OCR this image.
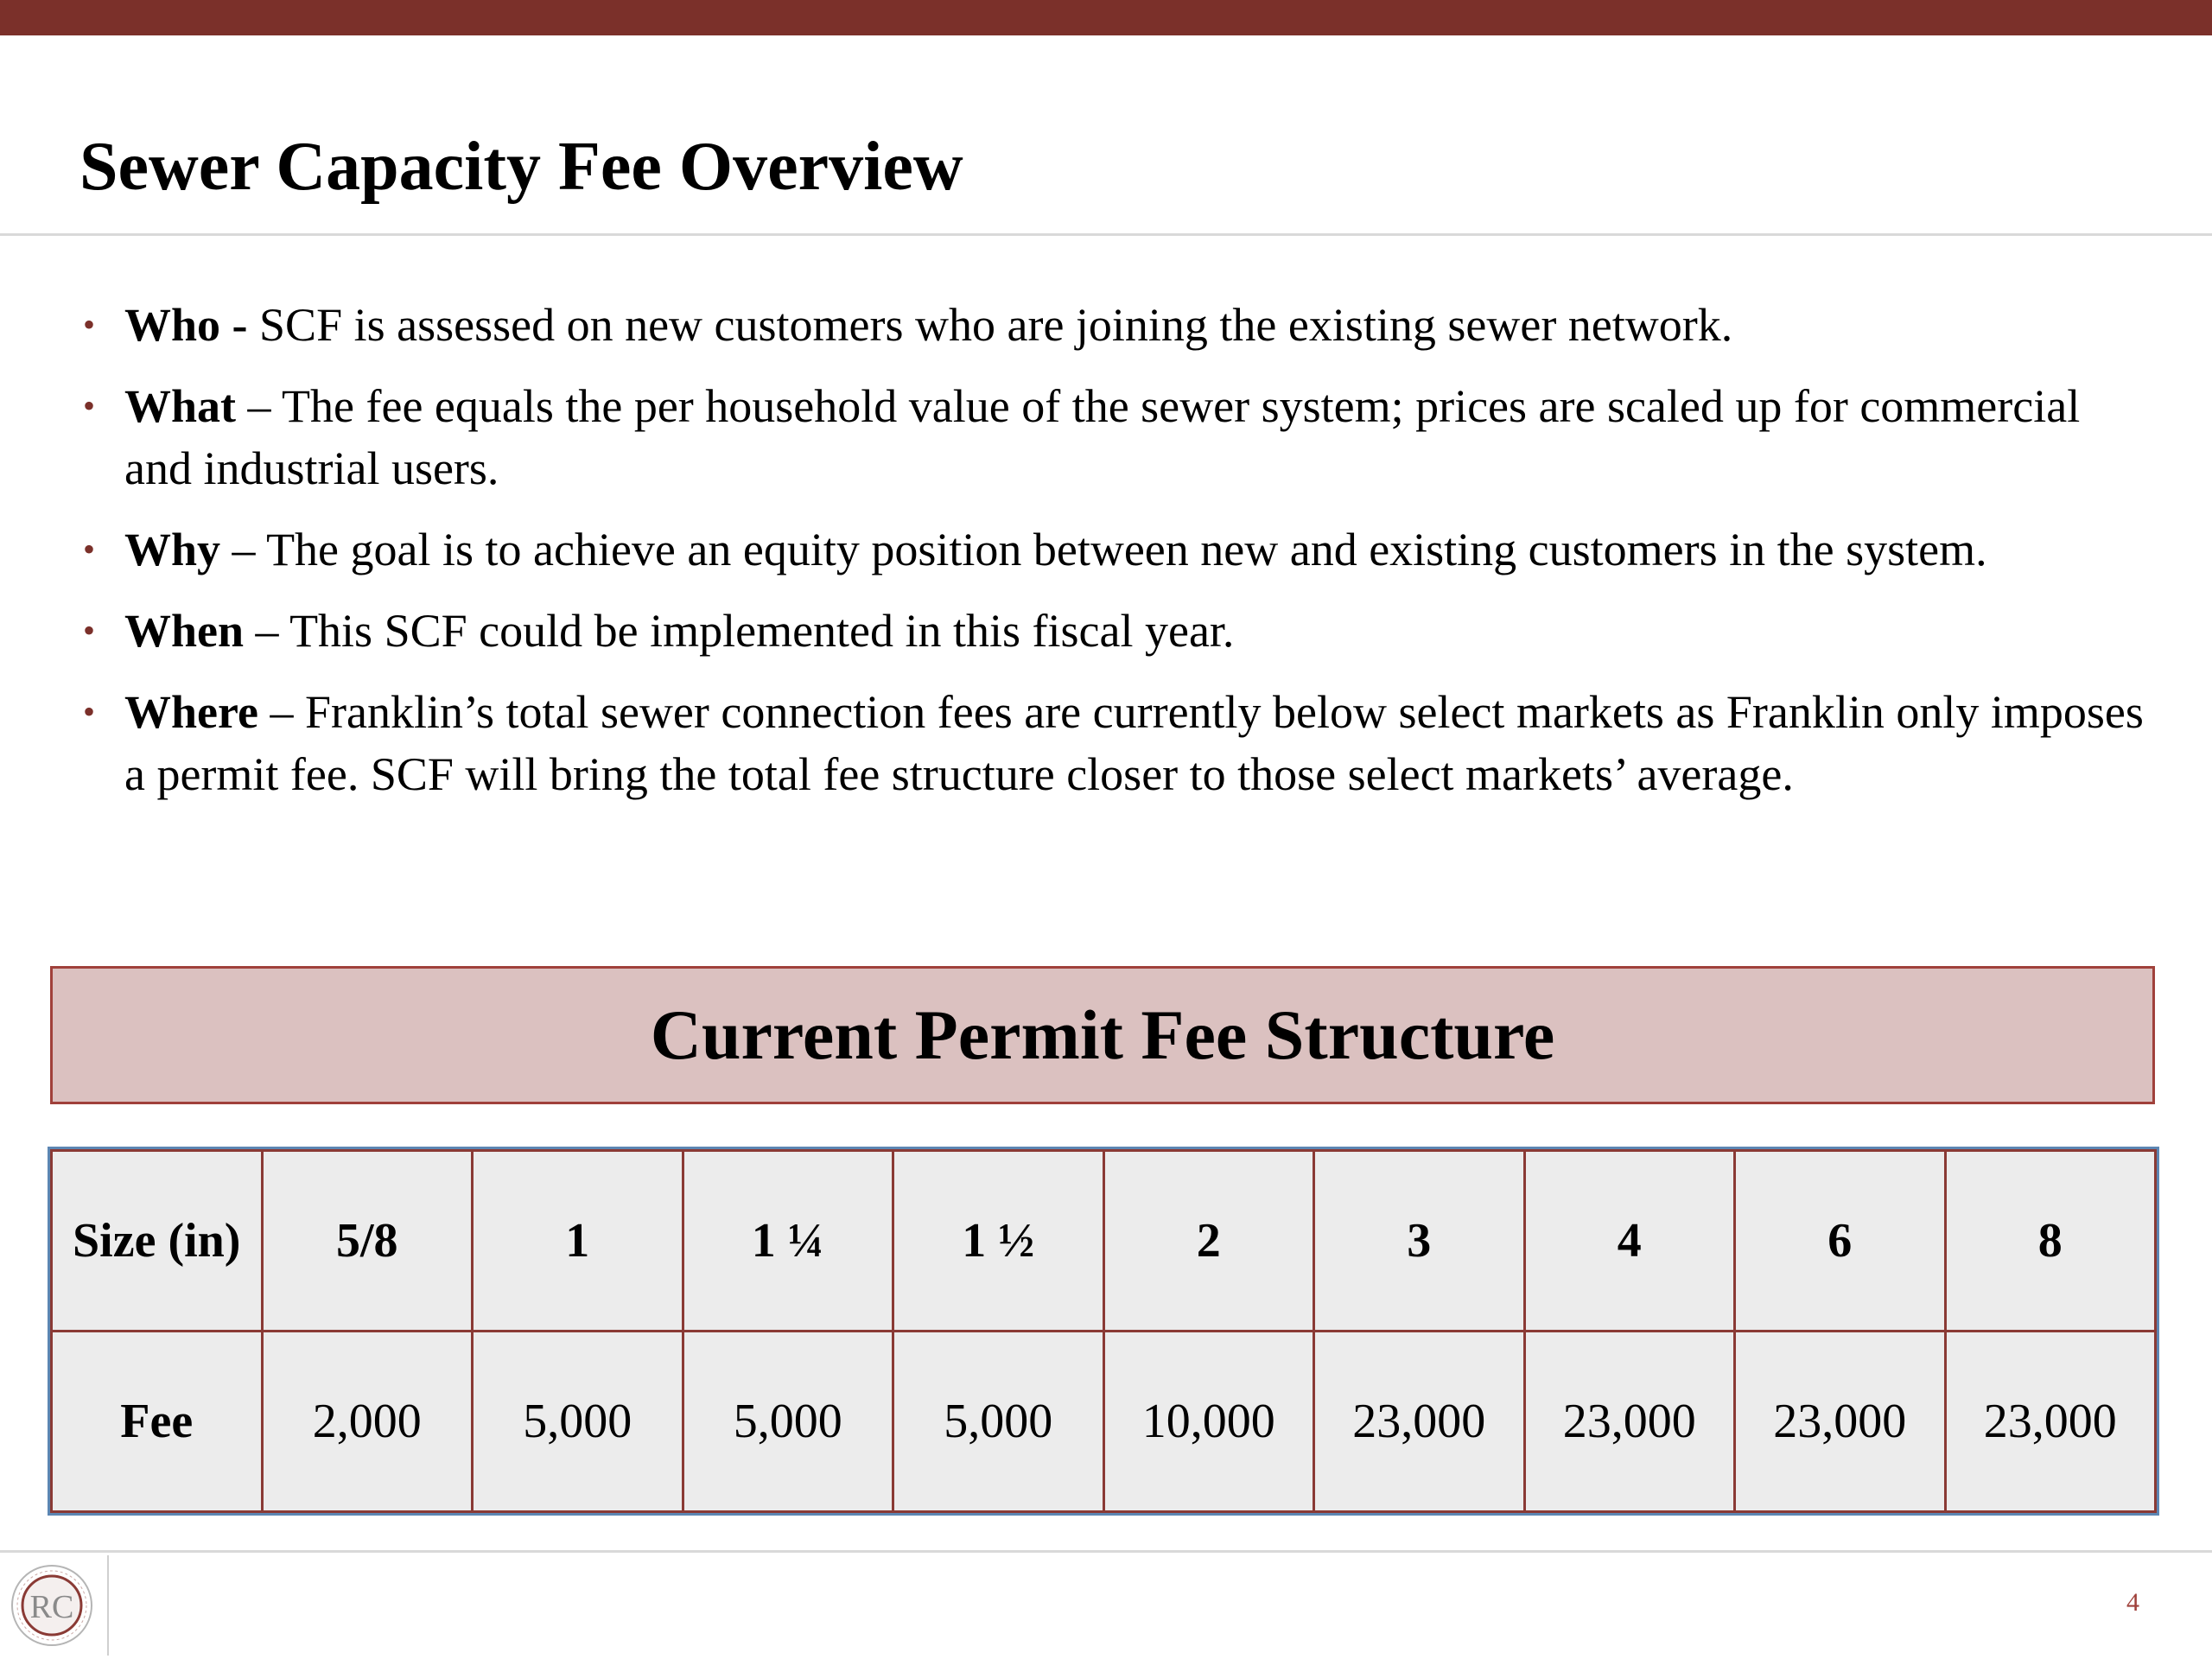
Sewer Capacity Fee Overview
• Who - SCF is assessed on new customers who are joining the existing sewer network.
• What – The fee equals the per household value of the sewer system; prices are scaled up for commercial and industrial users.
• Why – The goal is to achieve an equity position between new and existing customers in the system.
• When – This SCF could be implemented in this fiscal year.
• Where – Franklin’s total sewer connection fees are currently below select markets as Franklin only imposes a permit fee. SCF will bring the total fee structure closer to those select markets’ average.
Current Permit Fee Structure
Size (in)	5/8	1	1 ¼	1 ½	2	3	4	6	8
Fee	2,000	5,000	5,000	5,000	10,000	23,000	23,000	23,000	23,000
RC	4
